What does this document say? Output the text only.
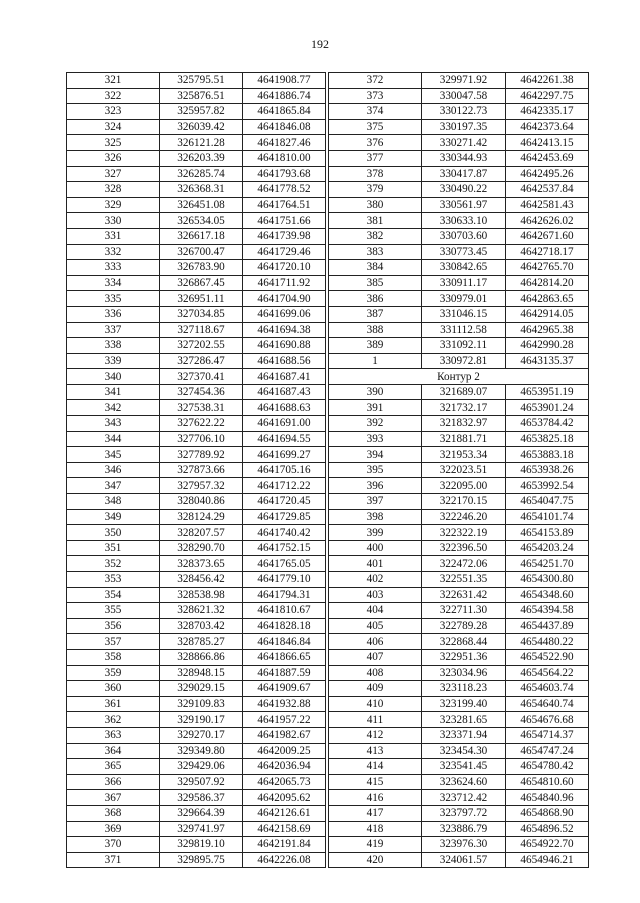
192
321	325795.51	4641908.77		372	329971.92	4642261.38
322	325876.51	4641886.74		373	330047.58	4642297.75
323	325957.82	4641865.84		374	330122.73	4642335.17
324	326039.42	4641846.08		375	330197.35	4642373.64
325	326121.28	4641827.46		376	330271.42	4642413.15
326	326203.39	4641810.00		377	330344.93	4642453.69
327	326285.74	4641793.68		378	330417.87	4642495.26
328	326368.31	4641778.52		379	330490.22	4642537.84
329	326451.08	4641764.51		380	330561.97	4642581.43
330	326534.05	4641751.66		381	330633.10	4642626.02
331	326617.18	4641739.98		382	330703.60	4642671.60
332	326700.47	4641729.46		383	330773.45	4642718.17
333	326783.90	4641720.10		384	330842.65	4642765.70
334	326867.45	4641711.92		385	330911.17	4642814.20
335	326951.11	4641704.90		386	330979.01	4642863.65
336	327034.85	4641699.06		387	331046.15	4642914.05
337	327118.67	4641694.38		388	331112.58	4642965.38
338	327202.55	4641690.88		389	331092.11	4642990.28
339	327286.47	4641688.56		1	330972.81	4643135.37
340	327370.41	4641687.41		Контур 2		
341	327454.36	4641687.43		390	321689.07	4653951.19
342	327538.31	4641688.63		391	321732.17	4653901.24
343	327622.22	4641691.00		392	321832.97	4653784.42
344	327706.10	4641694.55		393	321881.71	4653825.18
345	327789.92	4641699.27		394	321953.34	4653883.18
346	327873.66	4641705.16		395	322023.51	4653938.26
347	327957.32	4641712.22		396	322095.00	4653992.54
348	328040.86	4641720.45		397	322170.15	4654047.75
349	328124.29	4641729.85		398	322246.20	4654101.74
350	328207.57	4641740.42		399	322322.19	4654153.89
351	328290.70	4641752.15		400	322396.50	4654203.24
352	328373.65	4641765.05		401	322472.06	4654251.70
353	328456.42	4641779.10		402	322551.35	4654300.80
354	328538.98	4641794.31		403	322631.42	4654348.60
355	328621.32	4641810.67		404	322711.30	4654394.58
356	328703.42	4641828.18		405	322789.28	4654437.89
357	328785.27	4641846.84		406	322868.44	4654480.22
358	328866.86	4641866.65		407	322951.36	4654522.90
359	328948.15	4641887.59		408	323034.96	4654564.22
360	329029.15	4641909.67		409	323118.23	4654603.74
361	329109.83	4641932.88		410	323199.40	4654640.74
362	329190.17	4641957.22		411	323281.65	4654676.68
363	329270.17	4641982.67		412	323371.94	4654714.37
364	329349.80	4642009.25		413	323454.30	4654747.24
365	329429.06	4642036.94		414	323541.45	4654780.42
366	329507.92	4642065.73		415	323624.60	4654810.60
367	329586.37	4642095.62		416	323712.42	4654840.96
368	329664.39	4642126.61		417	323797.72	4654868.90
369	329741.97	4642158.69		418	323886.79	4654896.52
370	329819.10	4642191.84		419	323976.30	4654922.70
371	329895.75	4642226.08		420	324061.57	4654946.21
